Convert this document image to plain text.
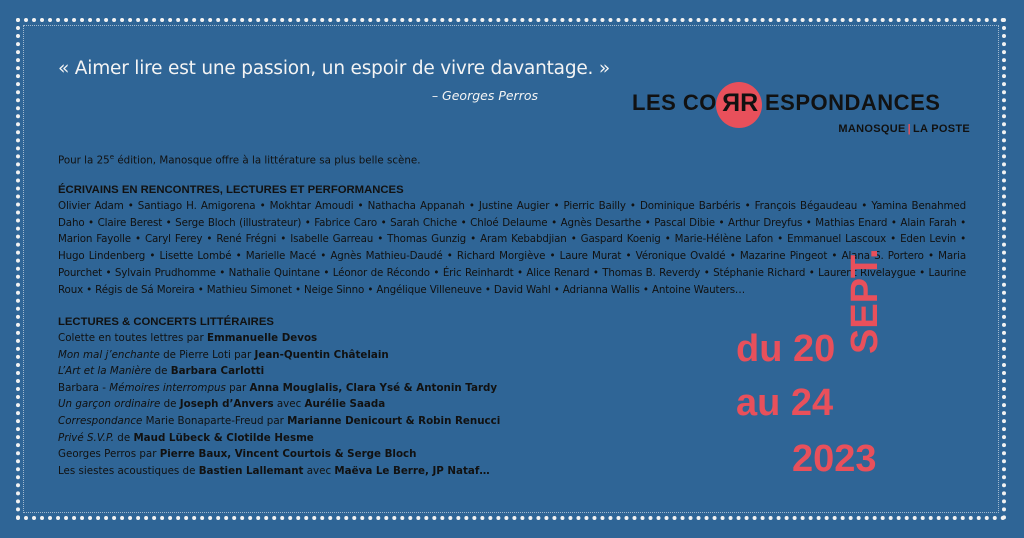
« Aimer lire est une passion, un espoir de vivre davantage. »
– Georges Perros	LES CO RR ESPONDANCES
MANOSQUE | LA POSTE
Pour la 25e édition, Manosque offre à la littérature sa plus belle scène.
ÉCRIVAINS EN RENCONTRES, LECTURES ET PERFORMANCES
Olivier Adam • Santiago H. Amigorena • Mokhtar Amoudi • Nathacha Appanah • Justine Augier • Pierric Bailly • Dominique Barbéris • François Bégaudeau • Yamina Benahmed Daho • Claire Berest • Serge Bloch (illustrateur) • Fabrice Caro • Sarah Chiche • Chloé Delaume • Agnès Desarthe • Pascal Dibie • Arthur Dreyfus • Mathias Enard • Alain Farah • Marion Fayolle • Caryl Ferey • René Frégni • Isabelle Garreau • Thomas Gunzig • Aram Kebabdjian • Gaspard Koenig • Marie-Hélène Lafon • Emmanuel Lascoux • Eden Levin • Hugo Lindenberg • Lisette Lombé • Marielle Macé • Agnès Mathieu-Daudé • Richard Morgiève • Laure Murat • Véronique Ovaldé • Mazarine Pingeot • Alana S. Portero • Maria Pourchet • Sylvain Prudhomme • Nathalie Quintane • Léonor de Récondo • Éric Reinhardt • Alice Renard • Thomas B. Reverdy • Stéphanie Richard • Laurent Rivelaygue • Laurine Roux • Régis de Sá Moreira • Mathieu Simonet • Neige Sinno • Angélique Villeneuve • David Wahl • Adrianna Wallis • Antoine Wauters…
LECTURES & CONCERTS LITTÉRAIRES
Colette en toutes lettres par Emmanuelle Devos
Mon mal j’enchante de Pierre Loti par Jean-Quentin Châtelain
L’Art et la Manière de Barbara Carlotti
Barbara - Mémoires interrompus par Anna Mouglalis, Clara Ysé & Antonin Tardy
Un garçon ordinaire de Joseph d’Anvers avec Aurélie Saada
Correspondance Marie Bonaparte-Freud par Marianne Denicourt & Robin Renucci
Privé S.V.P. de Maud Lübeck & Clotilde Hesme
Georges Perros par Pierre Baux, Vincent Courtois & Serge Bloch
Les siestes acoustiques de Bastien Lallemant avec Maëva Le Berre, JP Nataf…
du 20
au 24
2023
SEPT.
